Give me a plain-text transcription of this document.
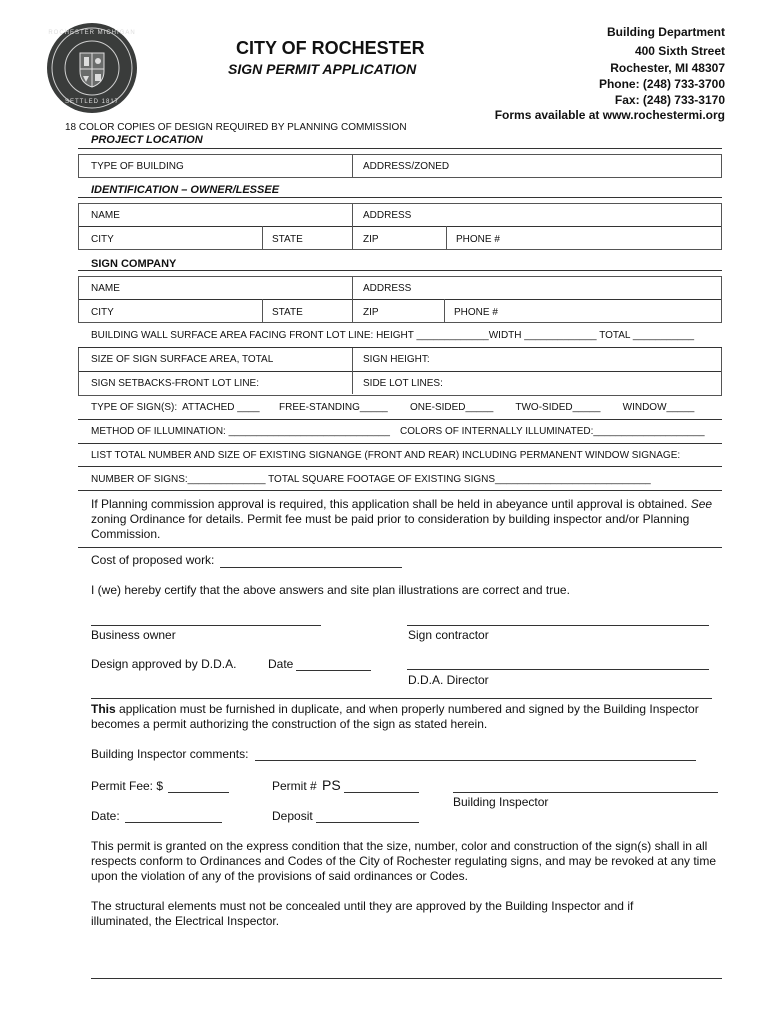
ROCHESTER MICHIGAN
SETTLED 1817
CITY OF ROCHESTER
SIGN PERMIT APPLICATION
Building Department
400 Sixth Street
Rochester, MI 48307
Phone: (248) 733-3700
Fax: (248) 733-3170
Forms available at www.rochestermi.org
18 COLOR COPIES OF DESIGN REQUIRED BY PLANNING COMMISSION
PROJECT LOCATION
TYPE OF BUILDING	ADDRESS/ZONED
IDENTIFICATION – OWNER/LESSEE
NAME	ADDRESS
CITY	STATE	ZIP	PHONE #
SIGN COMPANY
NAME	ADDRESS
CITY	STATE	ZIP	PHONE #
BUILDING WALL SURFACE AREA FACING FRONT LOT LINE: HEIGHT _____________WIDTH _____________ TOTAL ___________
SIZE OF SIGN SURFACE AREA, TOTAL	SIGN HEIGHT:
SIGN SETBACKS-FRONT LOT LINE:	SIDE LOT LINES:
TYPE OF SIGN(S):  ATTACHED ____       FREE-STANDING_____        ONE-SIDED_____        TWO-SIDED_____        WINDOW_____
METHOD OF ILLUMINATION: _____________________________ COLORS OF INTERNALLY ILLUMINATED:____________________
LIST TOTAL NUMBER AND SIZE OF EXISTING SIGNANGE (FRONT AND REAR) INCLUDING PERMANENT WINDOW SIGNAGE:
NUMBER OF SIGNS:______________ TOTAL SQUARE FOOTAGE OF EXISTING SIGNS____________________________
If Planning commission approval is required, this application shall be held in abeyance until approval is obtained. See zoning Ordinance for details. Permit fee must be paid prior to consideration by building inspector and/or Planning Commission.
Cost of proposed work:
I (we) hereby certify that the above answers and site plan illustrations are correct and true.
Business owner	Sign contractor
Design approved by D.D.A.	Date
D.D.A. Director
This application must be furnished in duplicate, and when properly numbered and signed by the Building Inspector becomes a permit authorizing the construction of the sign as stated herein.
Building Inspector comments:
Permit Fee: $	Permit # PS
Building Inspector
Date:	Deposit
This permit is granted on the express condition that the size, number, color and construction of the sign(s) shall in all respects conform to Ordinances and Codes of the City of Rochester regulating signs, and may be revoked at any time upon the violation of any of the provisions of said ordinances or Codes.
The structural elements must not be concealed until they are approved by the Building Inspector and if illuminated, the Electrical Inspector.
